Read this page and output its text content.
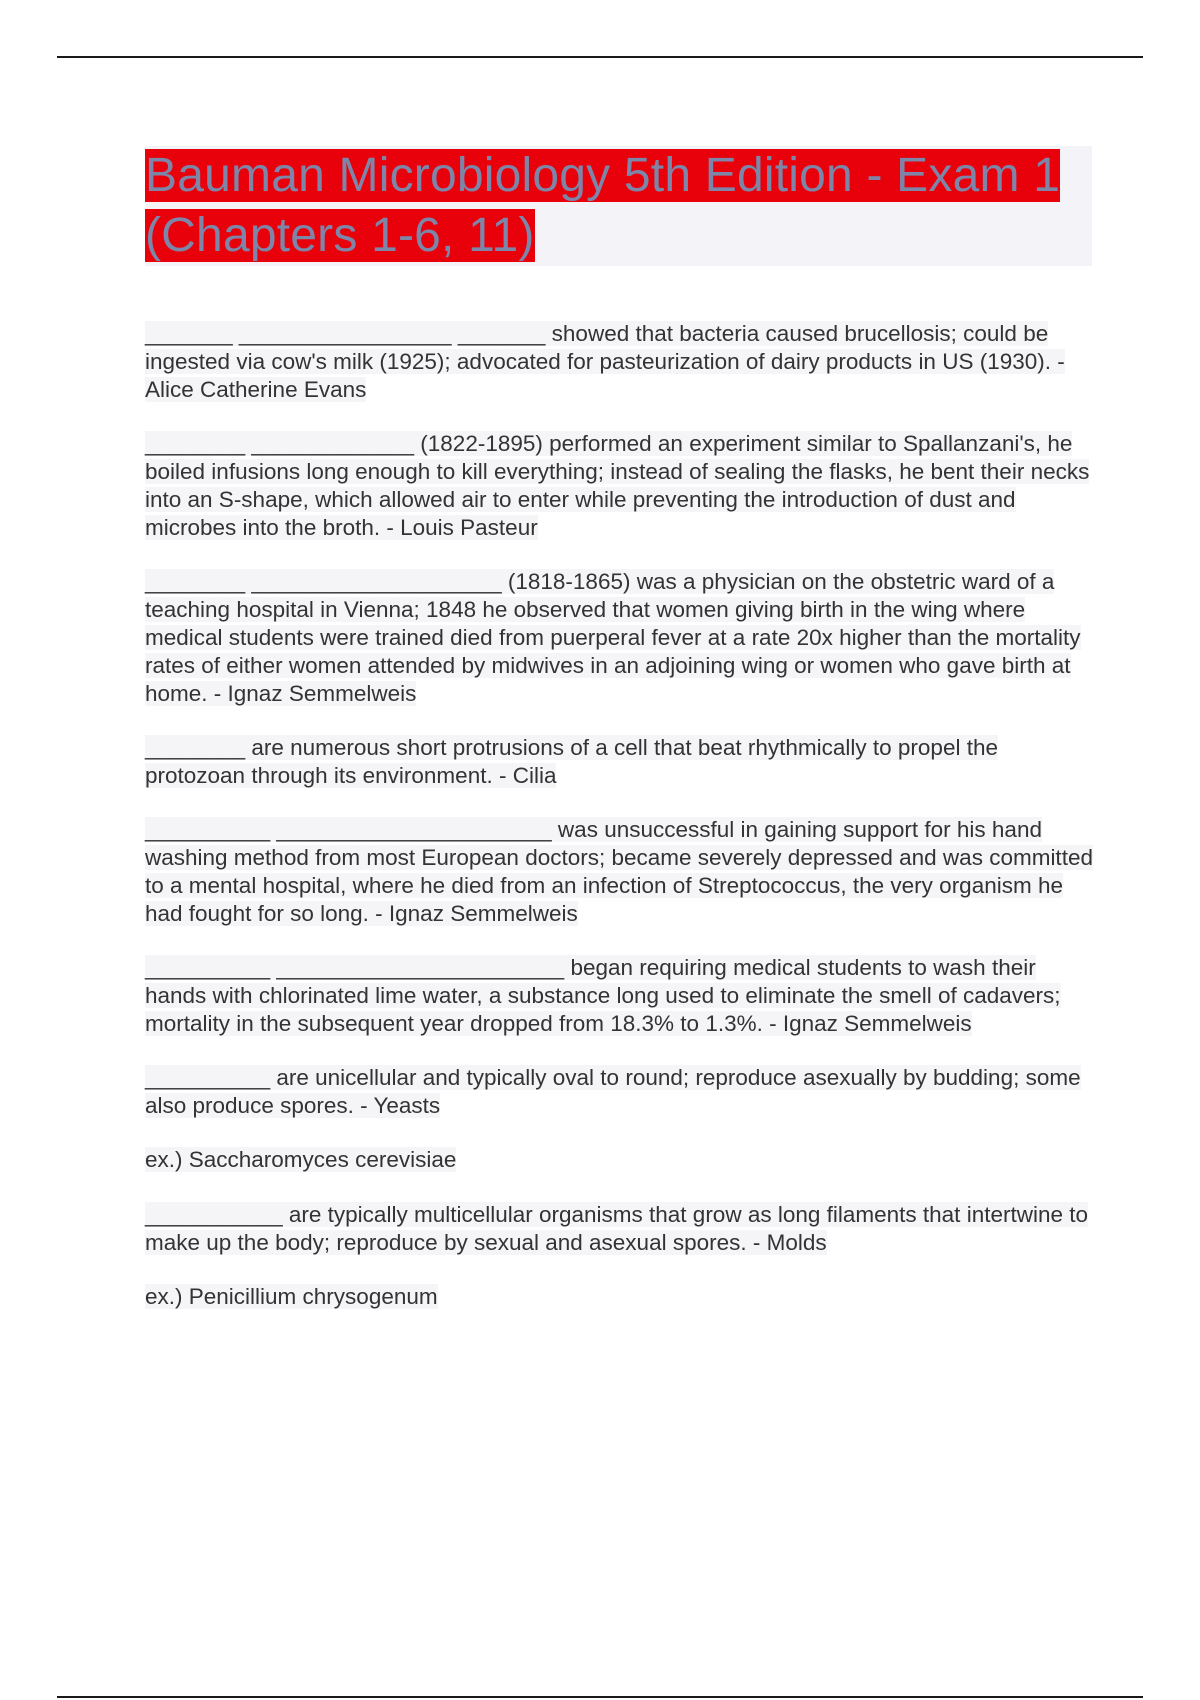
Bauman Microbiology 5th Edition - Exam 1 (Chapters 1-6, 11)

_______ _________________ _______ showed that bacteria caused brucellosis; could be ingested via cow's milk (1925); advocated for pasteurization of dairy products in US (1930). - Alice Catherine Evans

________ _____________ (1822-1895) performed an experiment similar to Spallanzani's, he boiled infusions long enough to kill everything; instead of sealing the flasks, he bent their necks into an S-shape, which allowed air to enter while preventing the introduction of dust and microbes into the broth. - Louis Pasteur

________ ____________________ (1818-1865) was a physician on the obstetric ward of a teaching hospital in Vienna; 1848 he observed that women giving birth in the wing where medical students were trained died from puerperal fever at a rate 20x higher than the mortality rates of either women attended by midwives in an adjoining wing or women who gave birth at home. - Ignaz Semmelweis

________ are numerous short protrusions of a cell that beat rhythmically to propel the protozoan through its environment. - Cilia

__________ ______________________ was unsuccessful in gaining support for his hand washing method from most European doctors; became severely depressed and was committed to a mental hospital, where he died from an infection of Streptococcus, the very organism he had fought for so long. - Ignaz Semmelweis

__________ _______________________ began requiring medical students to wash their hands with chlorinated lime water, a substance long used to eliminate the smell of cadavers; mortality in the subsequent year dropped from 18.3% to 1.3%. - Ignaz Semmelweis

__________ are unicellular and typically oval to round; reproduce asexually by budding; some also produce spores. - Yeasts

ex.) Saccharomyces cerevisiae

___________ are typically multicellular organisms that grow as long filaments that intertwine to make up the body; reproduce by sexual and asexual spores. - Molds

ex.) Penicillium chrysogenum
